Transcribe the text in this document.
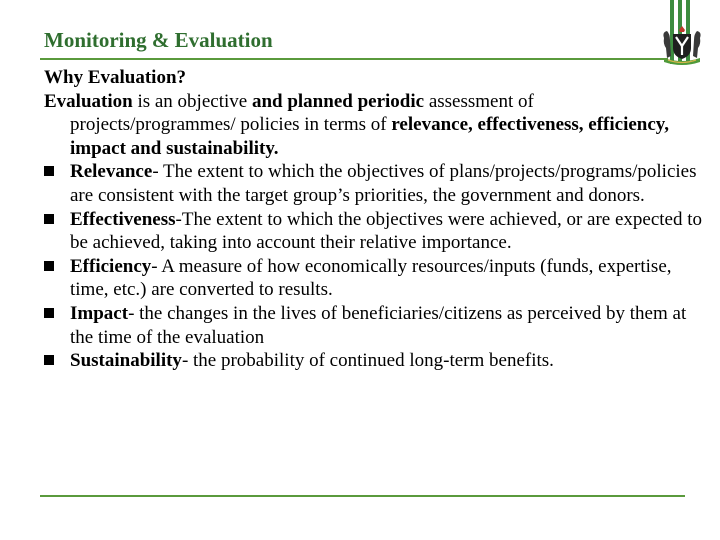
Monitoring & Evaluation

Why Evaluation?

Evaluation is an objective and planned periodic assessment of projects/programmes/ policies in terms of relevance, effectiveness, efficiency, impact and sustainability.

Relevance- The extent to which the objectives of plans/projects/programs/policies are consistent with the target group’s priorities, the government and donors.
Effectiveness-The extent to which the objectives were achieved, or are expected to be achieved, taking into account their relative importance.
Efficiency- A measure of how economically resources/inputs (funds, expertise, time, etc.) are converted to results.
Impact- the changes in the lives of beneficiaries/citizens as perceived by them at the time of the evaluation
Sustainability- the probability of continued long-term benefits.
